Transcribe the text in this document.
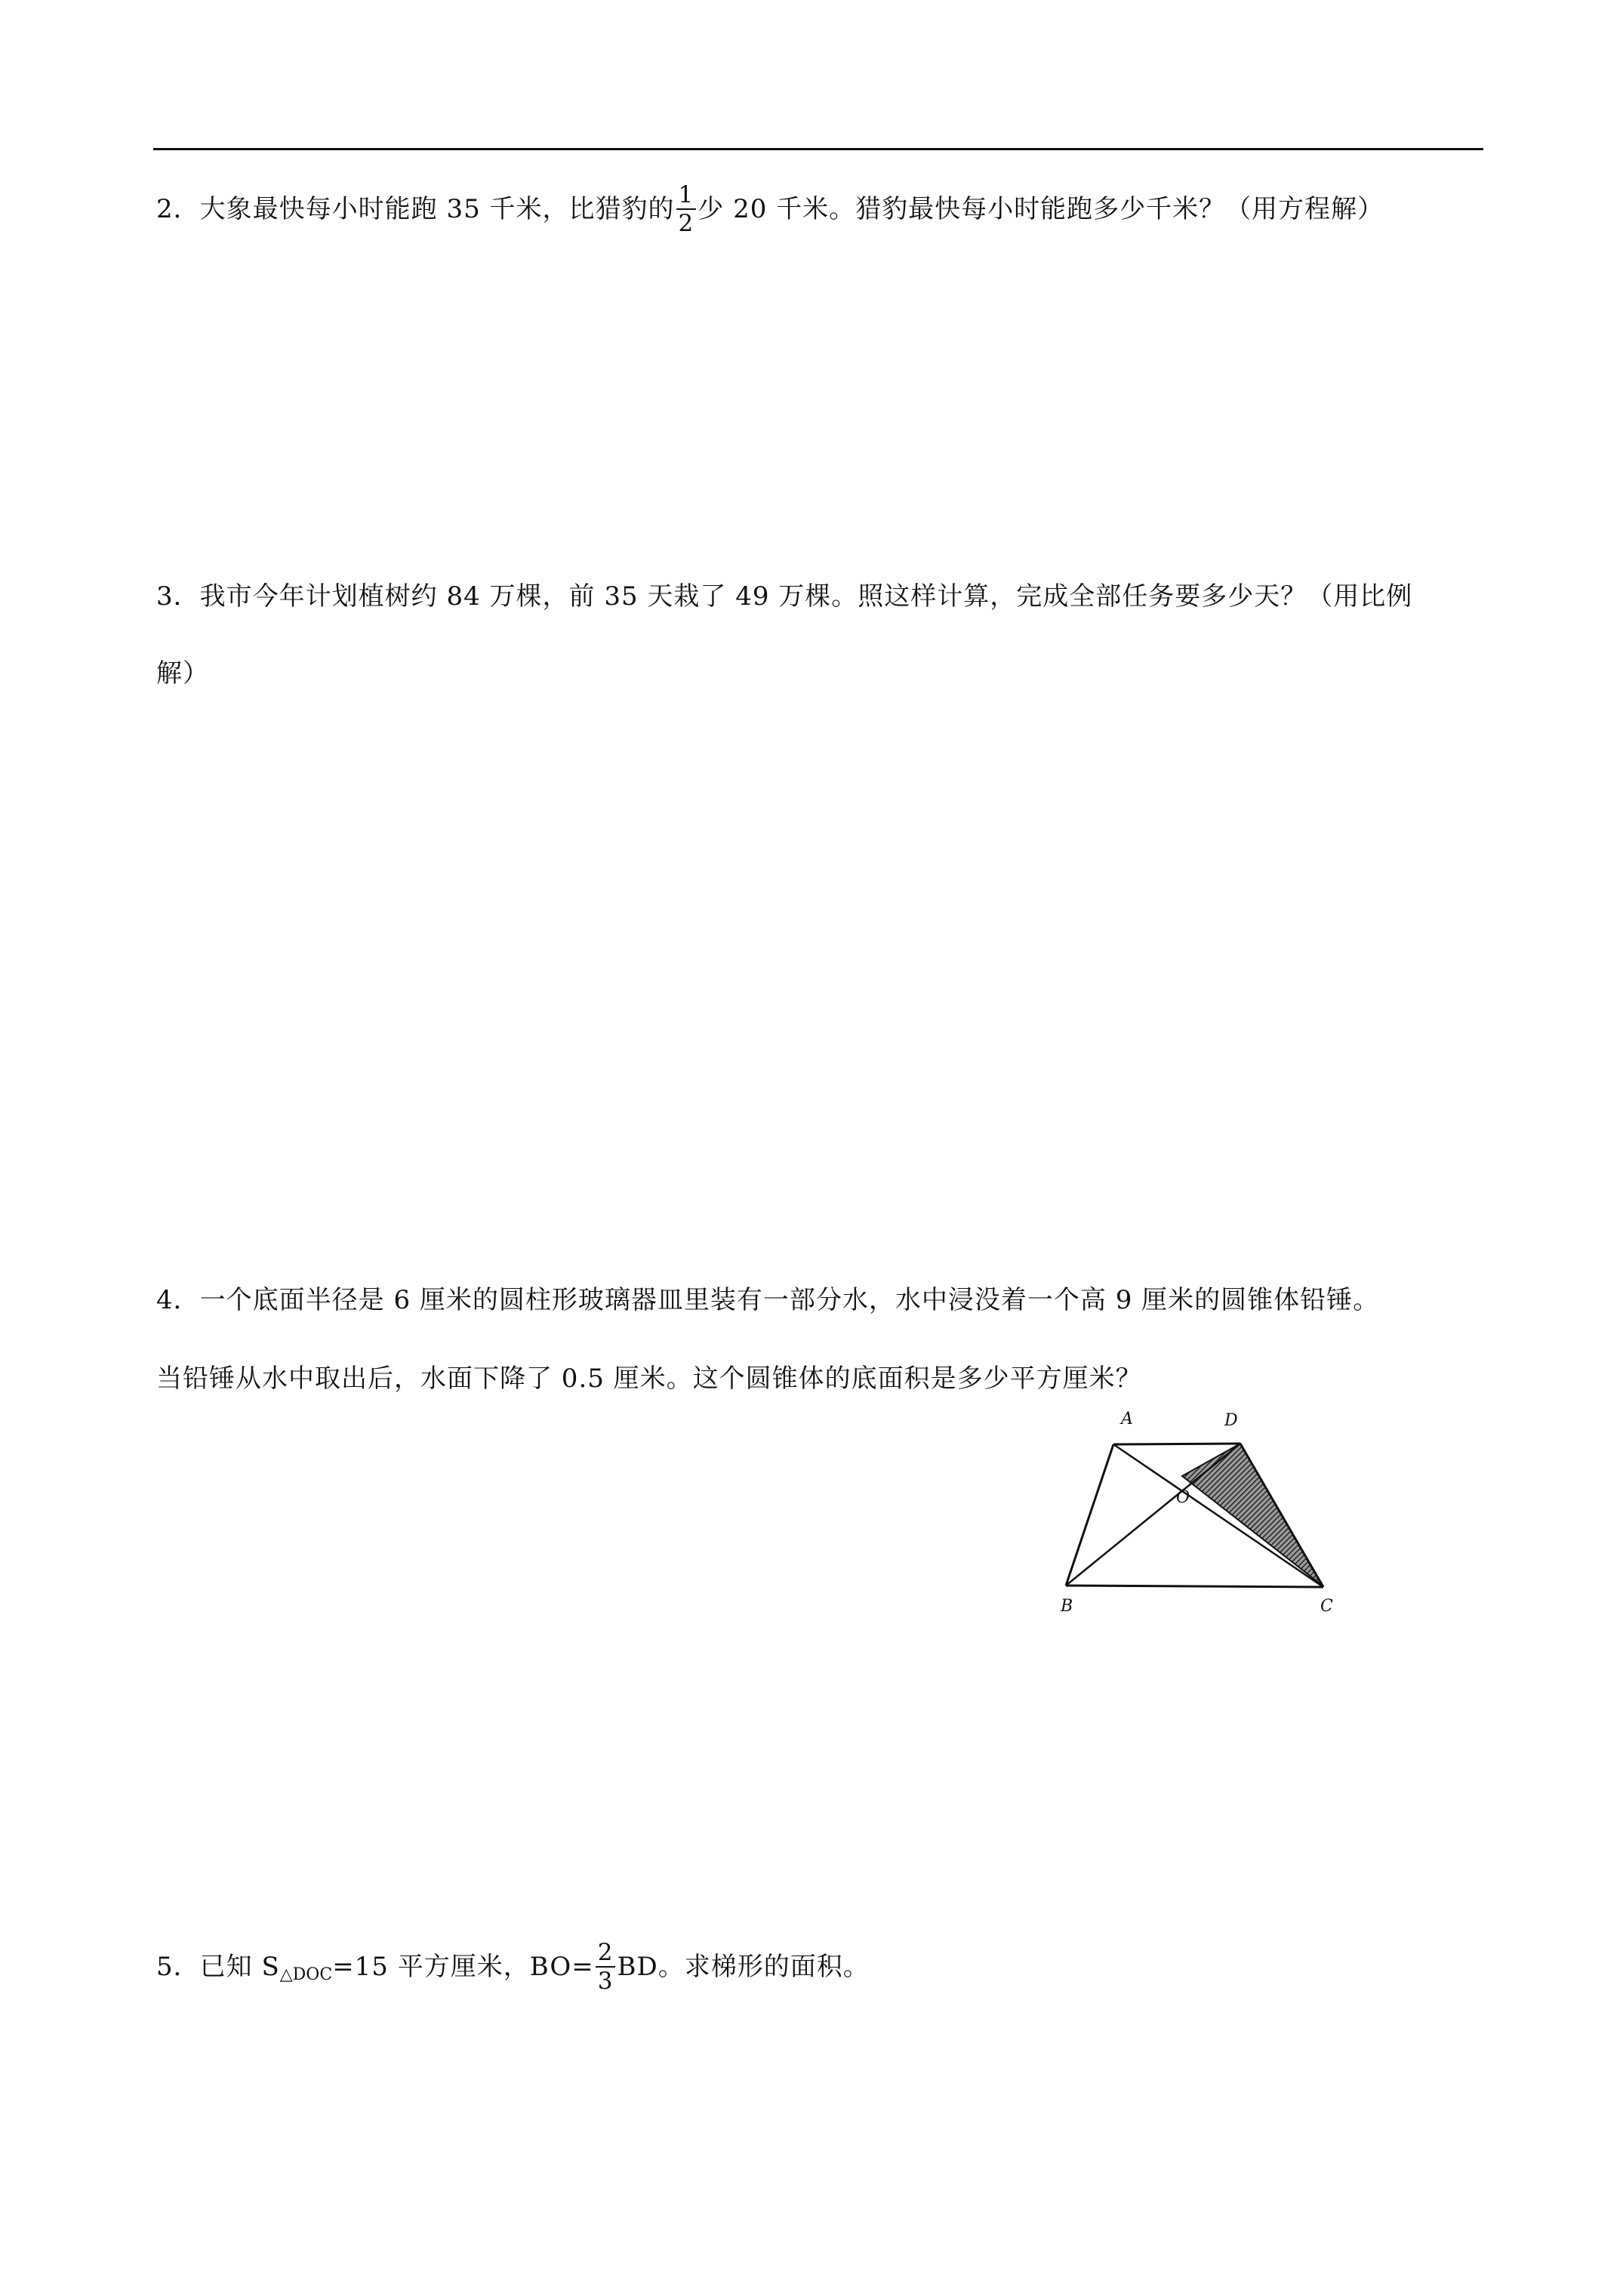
2．大象最快每小时能跑 35 千米，比猎豹的 $\frac{1}{2}$ 少 20 千米。猎豹最快每小时能跑多少千米？（用方程解）
3．我市今年计划植树约 84 万棵，前 35 天栽了 49 万棵。照这样计算，完成全部任务要多少天？（用比例
解）
4．一个底面半径是 6 厘米的圆柱形玻璃器皿里装有一部分水，水中浸没着一个高 9 厘米的圆锥体铅锤。
当铅锤从水中取出后，水面下降了 0.5 厘米。这个圆锥体的底面积是多少平方厘米？
A	D
O
B	C
5．已知 $S_{\triangle DOC}=15$ 平方厘米，$BO= \frac{2}{3}$ BD。求梯形的面积。
